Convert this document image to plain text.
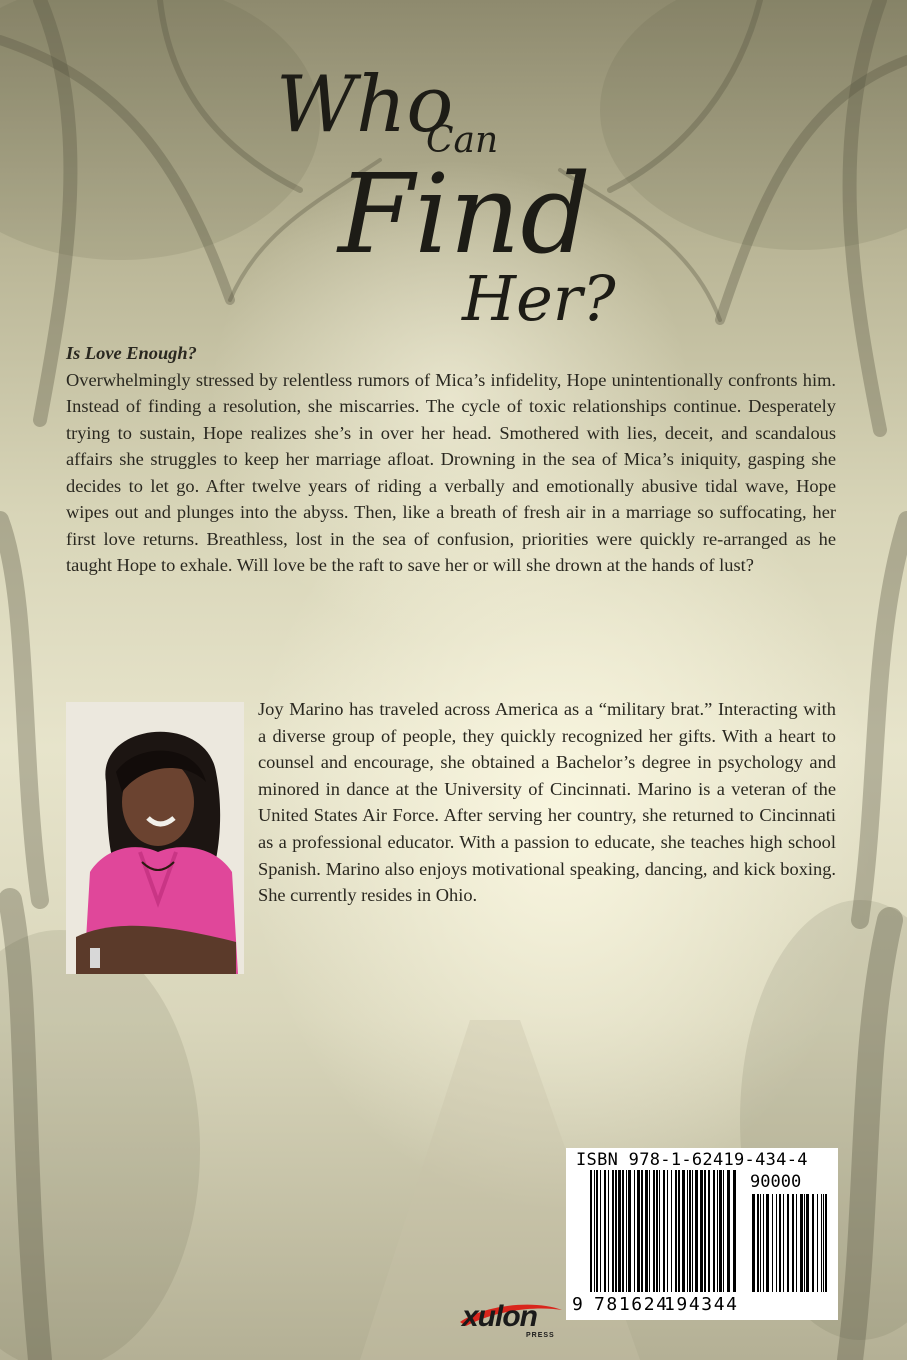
Who
Can
Find
Her?
Is Love Enough?
Overwhelmingly stressed by relentless rumors of Mica’s infidelity, Hope unintentionally confronts him. Instead of finding a resolution, she miscarries. The cycle of toxic relationships continue. Desperately trying to sustain, Hope realizes she’s in over her head. Smothered with lies, deceit, and scandalous affairs she struggles to keep her marriage afloat. Drowning in the sea of Mica’s iniquity, gasping she decides to let go. After twelve years of riding a verbally and emotionally abusive tidal wave, Hope wipes out and plunges into the abyss. Then, like a breath of fresh air in a marriage so suffocating, her first love returns. Breathless, lost in the sea of confusion, priorities were quickly re-arranged as he taught Hope to exhale. Will love be the raft to save her or will she drown at the hands of lust?
Joy Marino has traveled across America as a “military brat.” Interacting with a diverse group of people, they quickly recognized her gifts. With a heart to counsel and encourage, she obtained a Bachelor’s degree in psychology and minored in dance at the University of Cincinnati. Marino is a veteran of the United States Air Force. After serving her country, she returned to Cincinnati as a professional educator. With a passion to educate, she teaches high school Spanish. Marino also enjoys motivational speaking, dancing, and kick boxing. She currently resides in Ohio.
ISBN 978-1-62419-434-4
90000
9 781624
194344
xulon
PRESS
